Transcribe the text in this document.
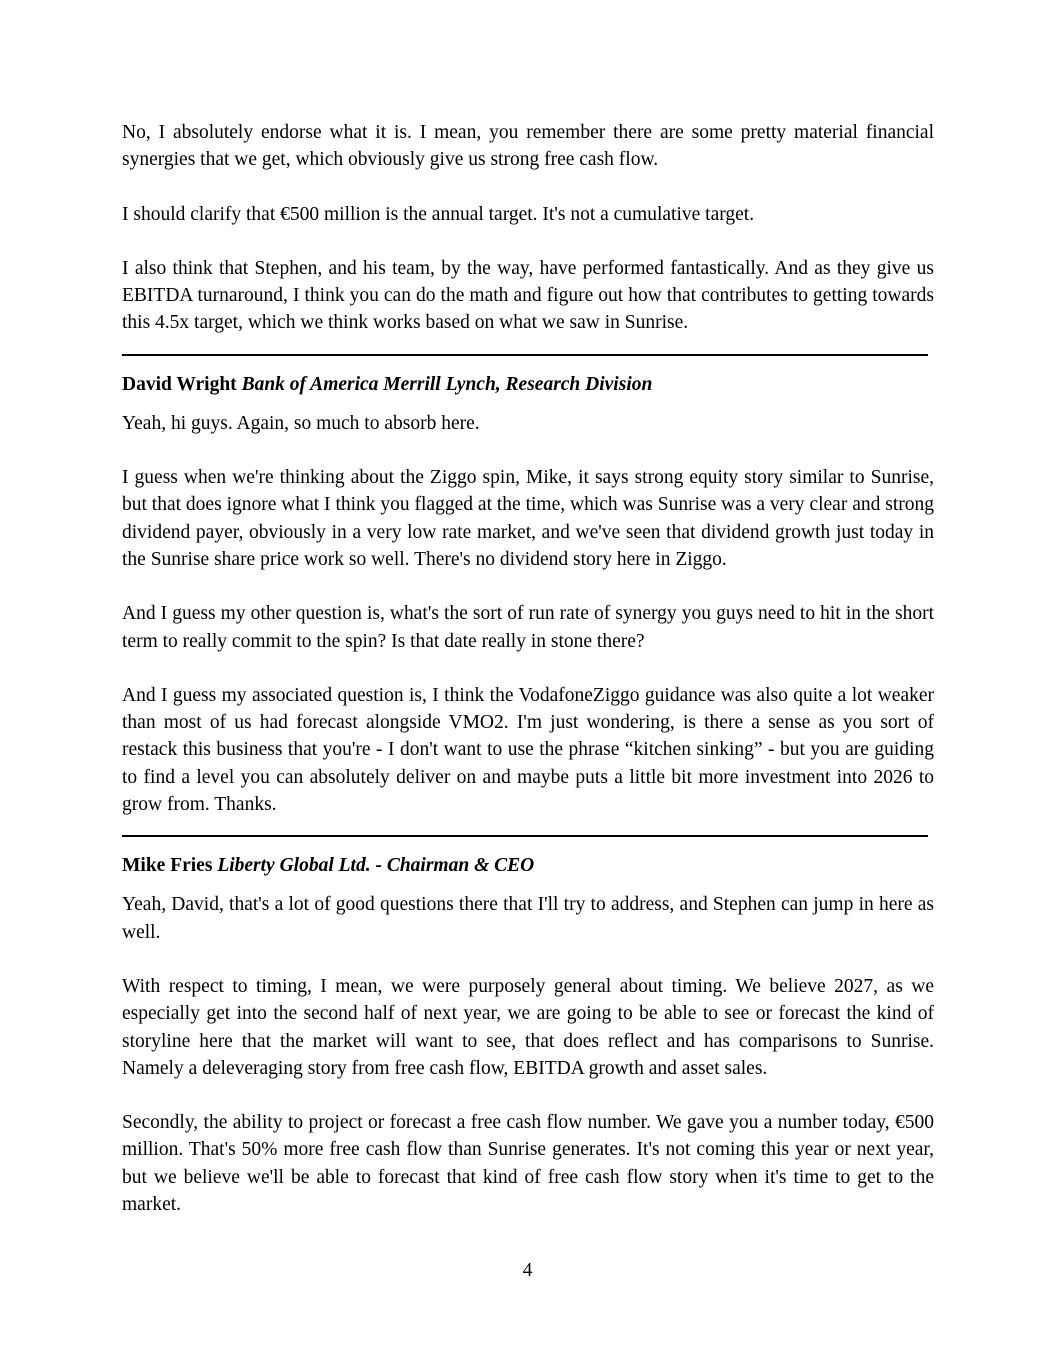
No, I absolutely endorse what it is. I mean, you remember there are some pretty material financial synergies that we get, which obviously give us strong free cash flow.

I should clarify that €500 million is the annual target. It's not a cumulative target.

I also think that Stephen, and his team, by the way, have performed fantastically. And as they give us EBITDA turnaround, I think you can do the math and figure out how that contributes to getting towards this 4.5x target, which we think works based on what we saw in Sunrise.

David Wright Bank of America Merrill Lynch, Research Division

Yeah, hi guys. Again, so much to absorb here.

I guess when we're thinking about the Ziggo spin, Mike, it says strong equity story similar to Sunrise, but that does ignore what I think you flagged at the time, which was Sunrise was a very clear and strong dividend payer, obviously in a very low rate market, and we've seen that dividend growth just today in the Sunrise share price work so well. There's no dividend story here in Ziggo.

And I guess my other question is, what's the sort of run rate of synergy you guys need to hit in the short term to really commit to the spin? Is that date really in stone there?

And I guess my associated question is, I think the VodafoneZiggo guidance was also quite a lot weaker than most of us had forecast alongside VMO2. I'm just wondering, is there a sense as you sort of restack this business that you're - I don't want to use the phrase “kitchen sinking” - but you are guiding to find a level you can absolutely deliver on and maybe puts a little bit more investment into 2026 to grow from. Thanks.

Mike Fries Liberty Global Ltd. - Chairman & CEO

Yeah, David, that's a lot of good questions there that I'll try to address, and Stephen can jump in here as well.

With respect to timing, I mean, we were purposely general about timing. We believe 2027, as we especially get into the second half of next year, we are going to be able to see or forecast the kind of storyline here that the market will want to see, that does reflect and has comparisons to Sunrise. Namely a deleveraging story from free cash flow, EBITDA growth and asset sales.

Secondly, the ability to project or forecast a free cash flow number. We gave you a number today, €500 million. That's 50% more free cash flow than Sunrise generates. It's not coming this year or next year, but we believe we'll be able to forecast that kind of free cash flow story when it's time to get to the market.

4
